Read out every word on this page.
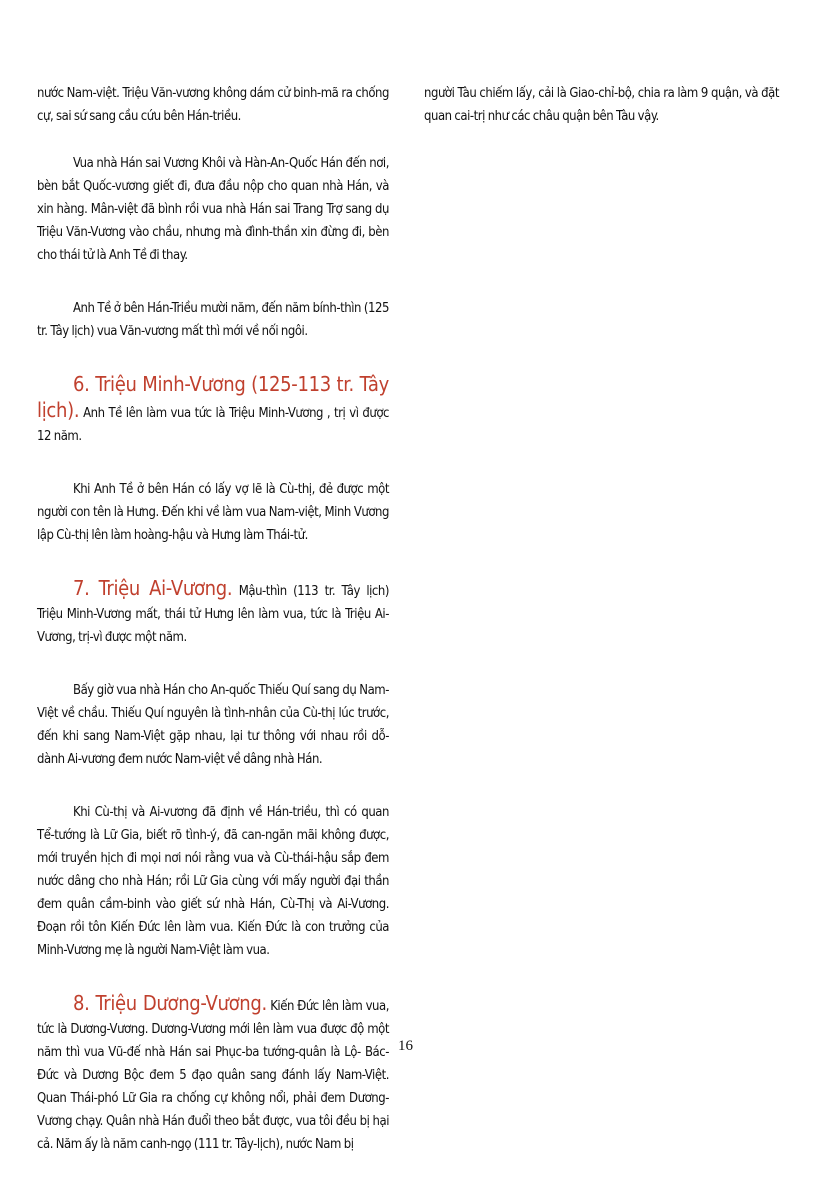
nước Nam-việt. Triệu Văn-vương không dám cử binh-mã ra chống cự, sai sứ sang cầu cứu bên Hán-triều.

Vua nhà Hán sai Vương Khôi và Hàn-An-Quốc Hán đến nơi, bèn bắt Quốc-vương giết đi, đưa đầu nộp cho quan nhà Hán, và xin hàng. Mân-việt đã bình rồi vua nhà Hán sai Trang Trợ sang dụ Triệu Văn-Vương vào chầu, nhưng mà đình-thần xin đừng đi, bèn cho thái tử là Anh Tề đi thay.

Anh Tề ở bên Hán-Triều mười năm, đến năm bính-thìn (125 tr. Tây lịch) vua Văn-vương mất thì mới về nối ngôi.

6. Triệu Minh-Vương (125-113 tr. Tây lịch). Anh Tề lên làm vua tức là Triệu Minh-Vương , trị vì được 12 năm.

Khi Anh Tề ở bên Hán có lấy vợ lẽ là Cù-thị, đẻ được một người con tên là Hưng. Đến khi về làm vua Nam-việt, Minh Vương lập Cù-thị lên làm hoàng-hậu và Hưng làm Thái-tử.

7. Triệu Ai-Vương. Mậu-thìn (113 tr. Tây lịch) Triệu Minh-Vương mất, thái tử Hưng lên làm vua, tức là Triệu Ai-Vương, trị-vì được một năm.

Bấy giờ vua nhà Hán cho An-quốc Thiếu Quí sang dụ Nam-Việt về chầu. Thiếu Quí nguyên là tình-nhân của Cù-thị lúc trước, đến khi sang Nam-Việt gặp nhau, lại tư thông với nhau rồi dỗ-dành Ai-vương đem nước Nam-việt về dâng nhà Hán.

Khi Cù-thị và Ai-vương đã định về Hán-triều, thì có quan Tể-tướng là Lữ Gia, biết rõ tình-ý, đã can-ngăn mãi không được, mới truyền hịch đi mọi nơi nói rằng vua và Cù-thái-hậu sắp đem nước dâng cho nhà Hán; rồi Lữ Gia cùng với mấy người đại thần đem quân cầm-binh vào giết sứ nhà Hán, Cù-Thị và Ai-Vương. Đoạn rồi tôn Kiến Đức lên làm vua. Kiến Đức là con trưởng của Minh-Vương mẹ là người Nam-Việt làm vua.

8. Triệu Dương-Vương. Kiến Đức lên làm vua, tức là Dương-Vương. Dương-Vương mới lên làm vua được độ một năm thì vua Vũ-đế nhà Hán sai Phục-ba tướng-quân là Lộ- Bác-Đức và Dương Bộc đem 5 đạo quân sang đánh lấy Nam-Việt. Quan Thái-phó Lữ Gia ra chống cự không nổi, phải đem Dương-Vương chạy. Quân nhà Hán đuổi theo bắt được, vua tôi đều bị hại cả. Năm ấy là năm canh-ngọ (111 tr. Tây-lịch), nước Nam bị

người Tàu chiếm lấy, cải là Giao-chỉ-bộ, chia ra làm 9 quận, và đặt quan cai-trị như các châu quận bên Tàu vậy.

16
